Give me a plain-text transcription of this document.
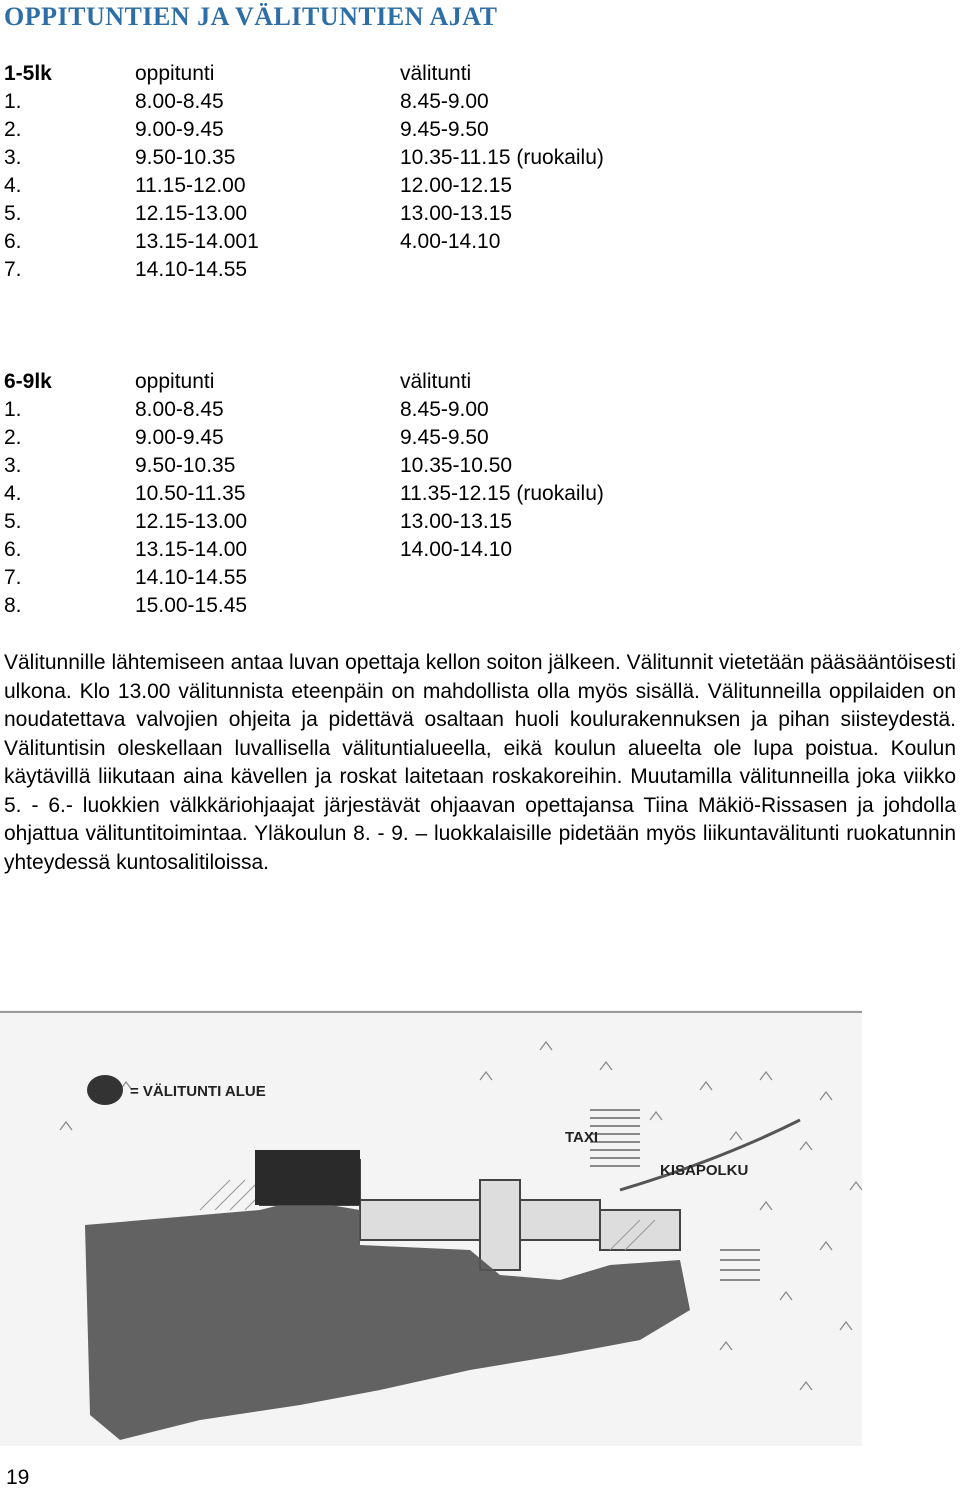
OPPITUNTIEN JA VÄLITUNTIEN AJAT
1-5lk	oppitunti	välitunti
1.	8.00-8.45	8.45-9.00
2.	9.00-9.45	9.45-9.50
3.	9.50-10.35	10.35-11.15 (ruokailu)
4.	11.15-12.00	12.00-12.15
5.	12.15-13.00	13.00-13.15
6.	13.15-14.001	4.00-14.10
7.	14.10-14.55
6-9lk	oppitunti	välitunti
1.	8.00-8.45	8.45-9.00
2.	9.00-9.45	9.45-9.50
3.	9.50-10.35	10.35-10.50
4.	10.50-11.35	11.35-12.15 (ruokailu)
5.	12.15-13.00	13.00-13.15
6.	13.15-14.00	14.00-14.10
7.	14.10-14.55
8.	15.00-15.45

Välitunnille lähtemiseen antaa luvan opettaja kellon soiton jälkeen. Välitunnit vietetään pääsääntöisesti ulkona. Klo 13.00 välitunnista eteenpäin on mahdollista olla myös sisällä. Välitunneilla oppilaiden on noudatettava valvojien ohjeita ja pidettävä osaltaan huoli koulurakennuksen ja pihan siisteydestä. Välituntisin oleskellaan luvallisella välituntialueella, eikä koulun alueelta ole lupa poistua. Koulun käytävillä liikutaan aina kävellen ja roskat laitetaan roskakoreihin. Muutamilla välitunneilla joka viikko 5. - 6.- luokkien välkkäriohjaajat järjestävät ohjaavan opettajansa Tiina Mäkiö-Rissasen ja johdolla ohjattua välituntitoimintaa. Yläkoulun 8. - 9. – luokkalaisille pidetään myös liikuntavälitunti ruokatunnin yhteydessä kuntosalitiloissa.

= VÄLITUNTI ALUE
KISAPOLKU
TAXI
19
